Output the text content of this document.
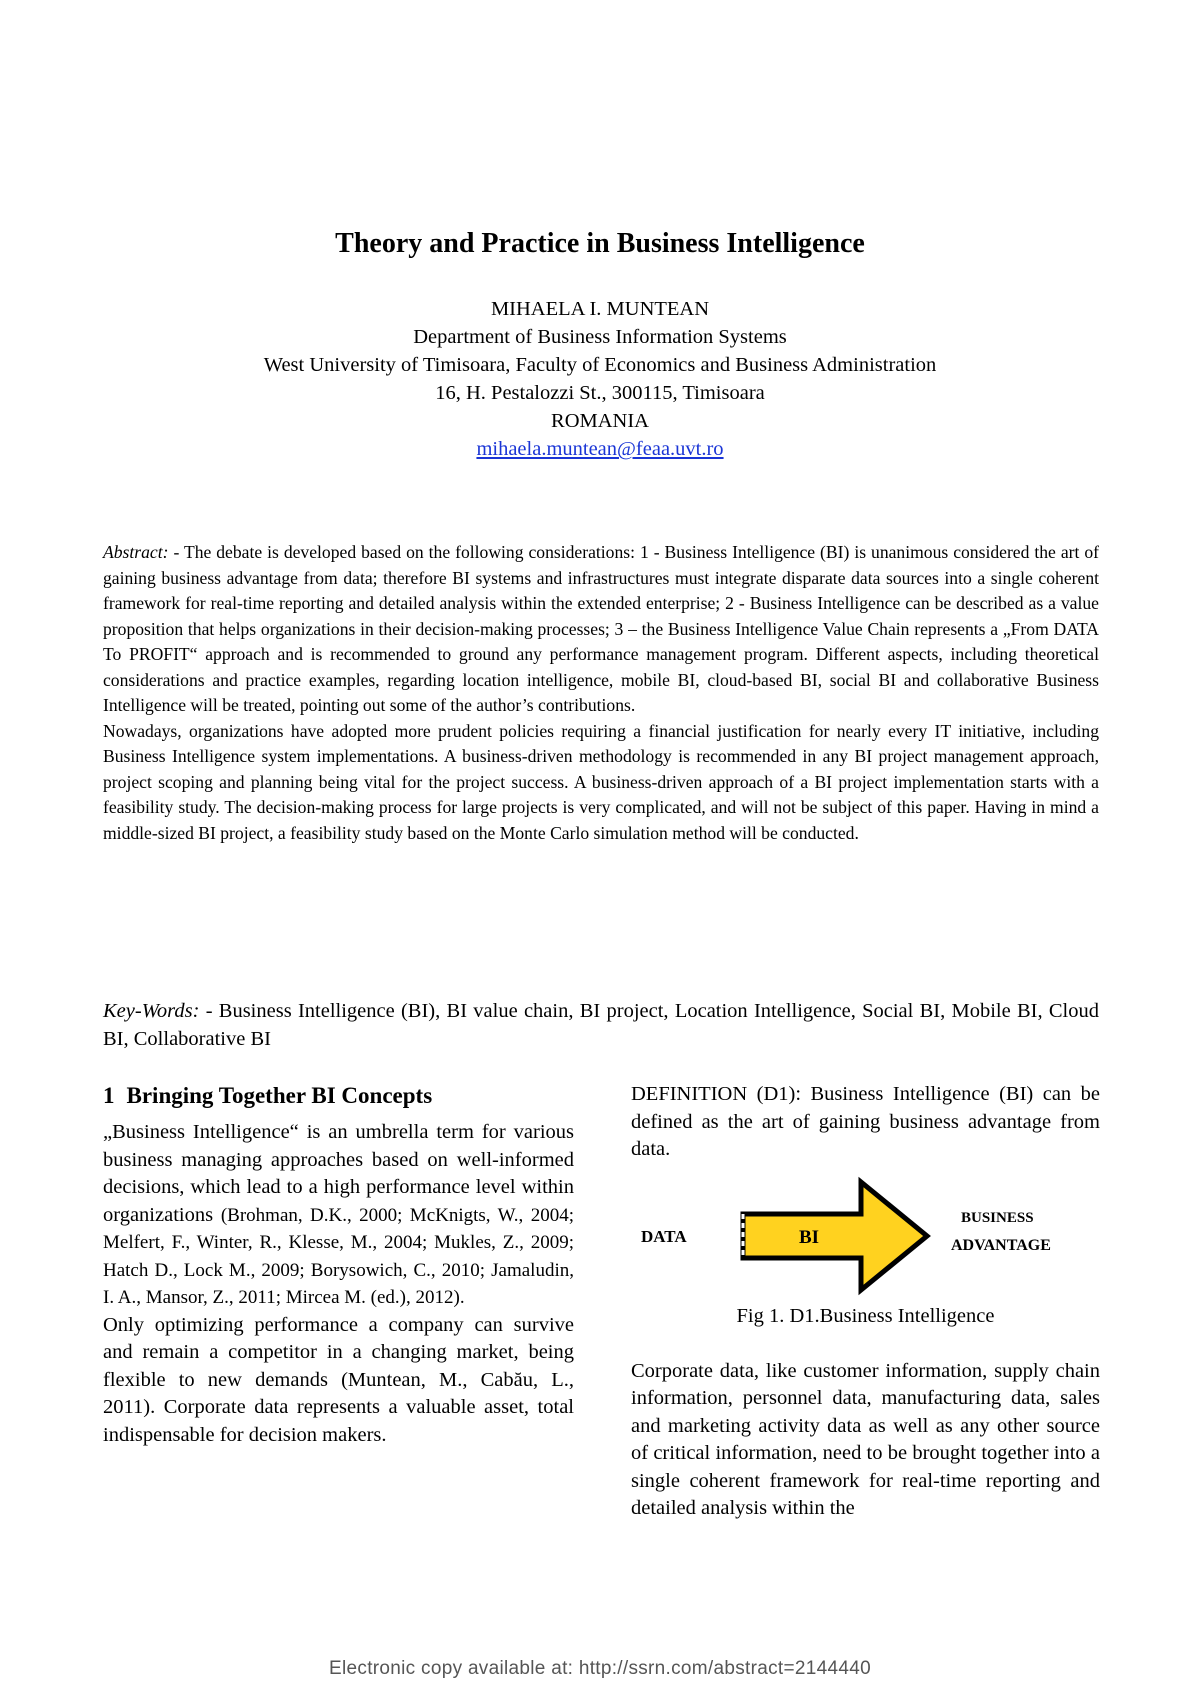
Theory and Practice in Business Intelligence
MIHAELA I. MUNTEAN
Department of Business Information Systems
West University of Timisoara, Faculty of Economics and Business Administration
16, H. Pestalozzi St., 300115, Timisoara
ROMANIA
mihaela.muntean@feaa.uvt.ro

Abstract: - The debate is developed based on the following considerations: 1 - Business Intelligence (BI) is unanimous considered the art of gaining business advantage from data; therefore BI systems and infrastructures must integrate disparate data sources into a single coherent framework for real-time reporting and detailed analysis within the extended enterprise; 2 - Business Intelligence can be described as a value proposition that helps organizations in their decision-making processes; 3 – the Business Intelligence Value Chain represents a „From DATA To PROFIT“ approach and is recommended to ground any performance management program. Different aspects, including theoretical considerations and practice examples, regarding location intelligence, mobile BI, cloud-based BI, social BI and collaborative Business Intelligence will be treated, pointing out some of the author’s contributions.

Nowadays, organizations have adopted more prudent policies requiring a financial justification for nearly every IT initiative, including Business Intelligence system implementations. A business-driven methodology is recommended in any BI project management approach, project scoping and planning being vital for the project success. A business-driven approach of a BI project implementation starts with a feasibility study. The decision-making process for large projects is very complicated, and will not be subject of this paper. Having in mind a middle-sized BI project, a feasibility study based on the Monte Carlo simulation method will be conducted.

Key-Words: - Business Intelligence (BI), BI value chain, BI project, Location Intelligence, Social BI, Mobile BI, Cloud BI, Collaborative BI
1 Bringing Together BI Concepts

„Business Intelligence“ is an umbrella term for various business managing approaches based on well-informed decisions, which lead to a high performance level within organizations (Brohman, D.K., 2000; McKnigts, W., 2004; Melfert, F., Winter, R., Klesse, M., 2004; Mukles, Z., 2009; Hatch D., Lock M., 2009; Borysowich, C., 2010; Jamaludin, I. A., Mansor, Z., 2011; Mircea M. (ed.), 2012).

Only optimizing performance a company can survive and remain a competitor in a changing market, being flexible to new demands (Muntean, M., Cabău, L., 2011). Corporate data represents a valuable asset, total indispensable for decision makers.

DEFINITION (D1): Business Intelligence (BI) can be defined as the art of gaining business advantage from data.

DATA	BI
BUSINESS
ADVANTAGE
Fig 1. D1.Business Intelligence

Corporate data, like customer information, supply chain information, personnel data, manufacturing data, sales and marketing activity data as well as any other source of critical information, need to be brought together into a single coherent framework for real-time reporting and detailed analysis within the

Electronic copy available at: http://ssrn.com/abstract=2144440
